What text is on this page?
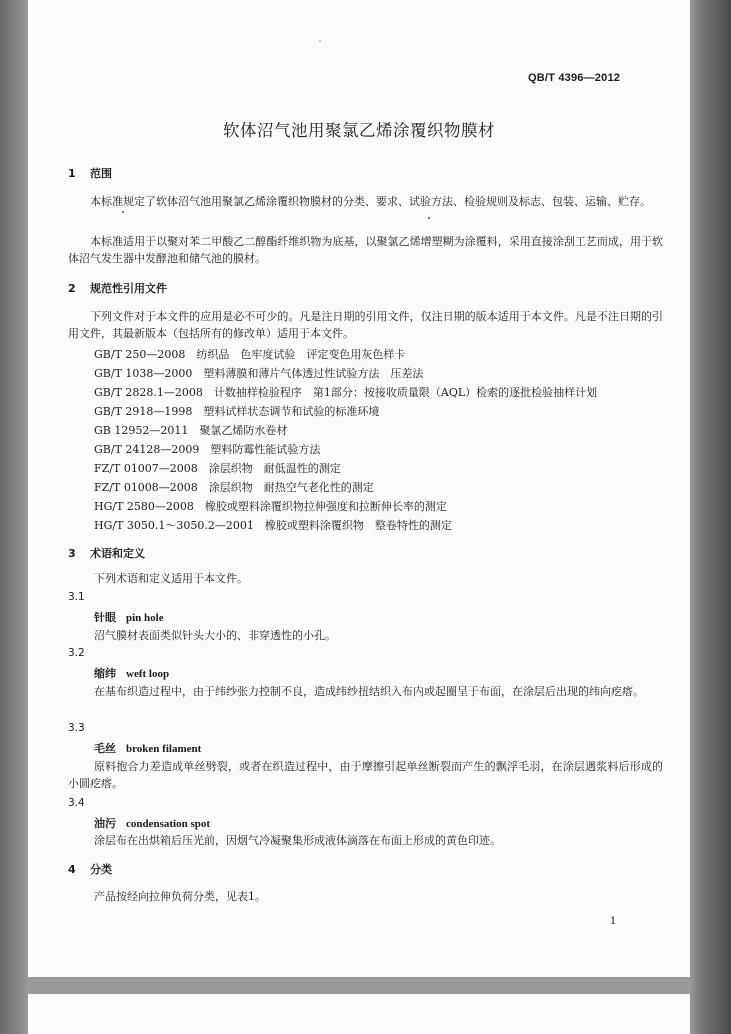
QB/T 4396—2012
软体沼气池用聚氯乙烯涂覆织物膜材
1 范围
本标准规定了软体沼气池用聚氯乙烯涂覆织物膜材的分类、要求、试验方法、检验规则及标志、包装、运输、贮存。
本标准适用于以聚对苯二甲酸乙二醇酯纤维织物为底基，以聚氯乙烯增塑糊为涂覆料，采用直接涂刮工艺而成，用于软体沼气发生器中发酵池和储气池的膜材。
2 规范性引用文件
下列文件对于本文件的应用是必不可少的。凡是注日期的引用文件，仅注日期的版本适用于本文件。凡是不注日期的引用文件，其最新版本（包括所有的修改单）适用于本文件。
GB/T 250—2008　纺织品　色牢度试验　评定变色用灰色样卡
GB/T 1038—2000　塑料薄膜和薄片气体透过性试验方法　压差法
GB/T 2828.1—2008　计数抽样检验程序　第1部分：按接收质量限（AQL）检索的逐批检验抽样计划
GB/T 2918—1998　塑料试样状态调节和试验的标准环境
GB 12952—2011　聚氯乙烯防水卷材
GB/T 24128—2009　塑料防霉性能试验方法
FZ/T 01007—2008　涂层织物　耐低温性的测定
FZ/T 01008—2008　涂层织物　耐热空气老化性的测定
HG/T 2580—2008　橡胶或塑料涂覆织物拉伸强度和拉断伸长率的测定
HG/T 3050.1～3050.2—2001　橡胶或塑料涂覆织物　整卷特性的测定
3 术语和定义
下列术语和定义适用于本文件。
3.1
针眼 pin hole
沼气膜材表面类似针头大小的、非穿透性的小孔。
3.2
缩纬 weft loop
在基布织造过程中，由于纬纱张力控制不良，造成纬纱扭结织入布内或起圈呈于布面，在涂层后出现的纬向疙瘩。
3.3
毛丝 broken filament
原料抱合力差造成单丝劈裂，或者在织造过程中，由于摩擦引起单丝断裂而产生的飘浮毛羽，在涂层遇浆料后形成的小圆疙瘩。
3.4
油污 condensation spot
涂层布在出烘箱后压光前，因烟气冷凝聚集形成液体滴落在布面上形成的黄色印迹。
4 分类
产品按经向拉伸负荷分类，见表1。
1
